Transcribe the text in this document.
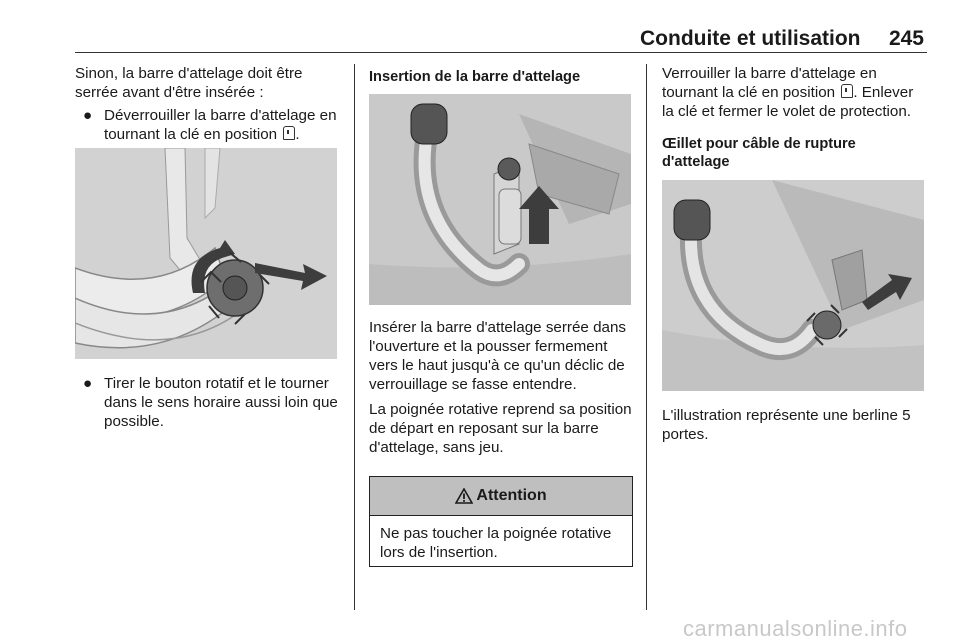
Conduite et utilisation	245

Sinon, la barre d'attelage doit être serrée avant d'être insérée :

● Déverrouiller la barre d'attelage en tournant la clé en position .
● Tirer le bouton rotatif et le tourner dans le sens horaire aussi loin que possible.

Insertion de la barre d'attelage

Insérer la barre d'attelage serrée dans l'ouverture et la pousser fermement vers le haut jusqu'à ce qu'un déclic de verrouillage se fasse entendre.

La poignée rotative reprend sa position de départ en reposant sur la barre d'attelage, sans jeu.

Attention
Ne pas toucher la poignée rotative lors de l'insertion.

Verrouiller la barre d'attelage en tournant la clé en position . Enlever la clé et fermer le volet de protection.

Œillet pour câble de rupture d'attelage

L'illustration représente une berline 5 portes.

carmanualsonline.info
